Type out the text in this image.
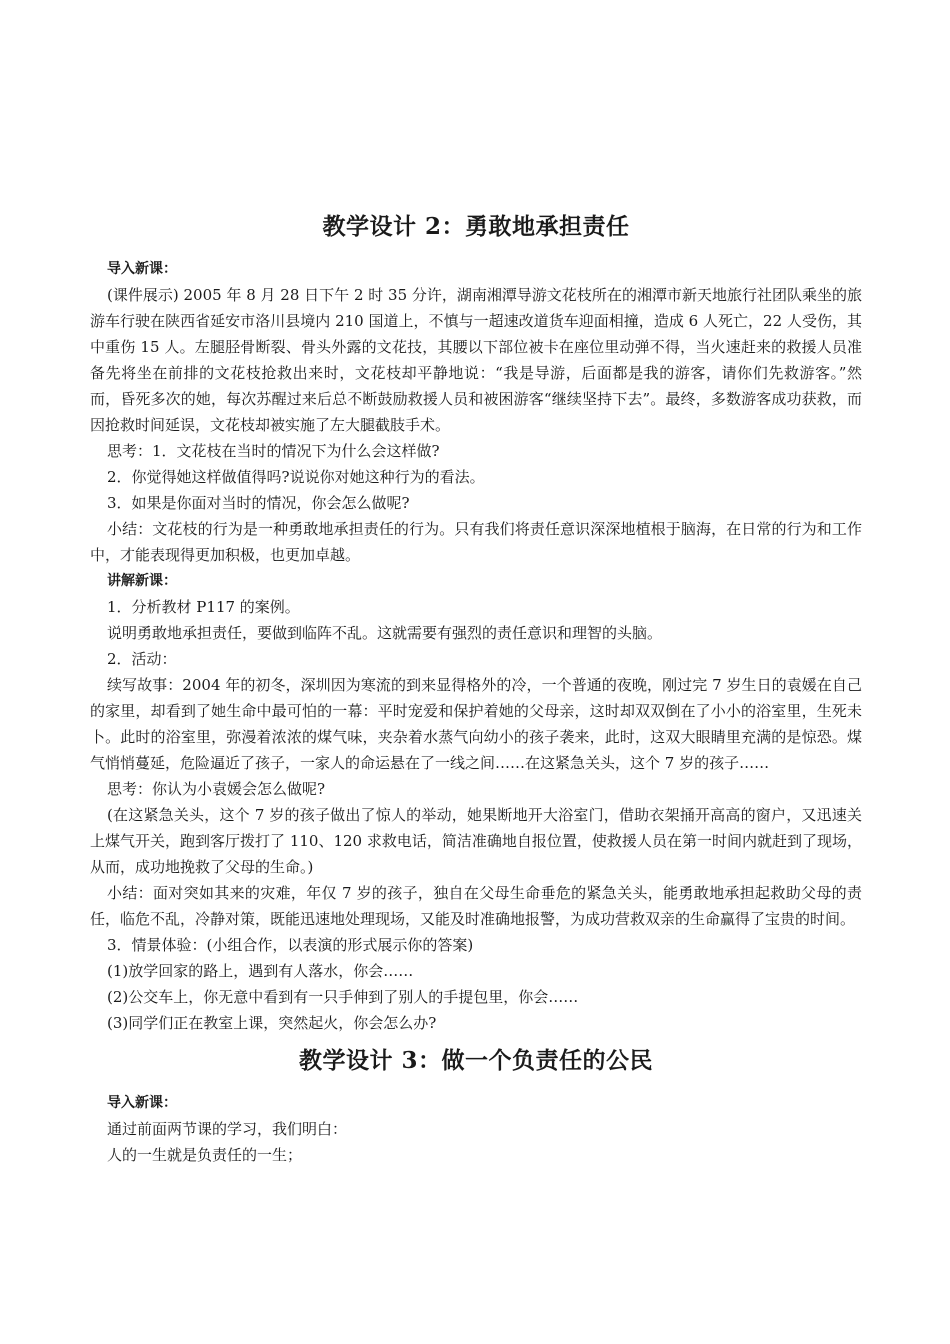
教学设计 2：勇敢地承担责任
导入新课：

(课件展示) 2005 年 8 月 28 日下午 2 时 35 分许，湖南湘潭导游文花枝所在的湘潭市新天地旅行社团队乘坐的旅游车行驶在陕西省延安市洛川县境内 210 国道上，不慎与一超速改道货车迎面相撞，造成 6 人死亡，22 人受伤，其中重伤 15 人。左腿胫骨断裂、骨头外露的文花技，其腰以下部位被卡在座位里动弹不得，当火速赶来的救援人员准备先将坐在前排的文花枝抢救出来时，文花枝却平静地说：“我是导游，后面都是我的游客，请你们先救游客。”然而，昏死多次的她，每次苏醒过来后总不断鼓励救援人员和被困游客“继续坚持下去”。最终，多数游客成功获救，而因抢救时间延误，文花枝却被实施了左大腿截肢手术。

思考：1．文花枝在当时的情况下为什么会这样做?

2．你觉得她这样做值得吗?说说你对她这种行为的看法。

3．如果是你面对当时的情况，你会怎么做呢?

小结：文花枝的行为是一种勇敢地承担责任的行为。只有我们将责任意识深深地植根于脑海，在日常的行为和工作中，才能表现得更加积极，也更加卓越。

讲解新课：

1．分析教材 P117 的案例。

说明勇敢地承担责任，要做到临阵不乱。这就需要有强烈的责任意识和理智的头脑。

2．活动：

续写故事：2004 年的初冬，深圳因为寒流的到来显得格外的冷，一个普通的夜晚，刚过完 7 岁生日的袁媛在自己的家里，却看到了她生命中最可怕的一幕：平时宠爱和保护着她的父母亲，这时却双双倒在了小小的浴室里，生死未卜。此时的浴室里，弥漫着浓浓的煤气味，夹杂着水蒸气向幼小的孩子袭来，此时，这双大眼睛里充满的是惊恐。煤气悄悄蔓延，危险逼近了孩子，一家人的命运悬在了一线之间……在这紧急关头，这个 7 岁的孩子……

思考：你认为小袁媛会怎么做呢?

(在这紧急关头，这个 7 岁的孩子做出了惊人的举动，她果断地开大浴室门，借助衣架捅开高高的窗户，又迅速关上煤气开关，跑到客厅拨打了 110、120 求救电话，简洁准确地自报位置，使救援人员在第一时间内就赶到了现场，从而，成功地挽救了父母的生命。)

小结：面对突如其来的灾难，年仅 7 岁的孩子，独自在父母生命垂危的紧急关头，能勇敢地承担起救助父母的责任，临危不乱，冷静对策，既能迅速地处理现场，又能及时准确地报警，为成功营救双亲的生命赢得了宝贵的时间。

3．情景体验：(小组合作，以表演的形式展示你的答案)

(1)放学回家的路上，遇到有人落水，你会……

(2)公交车上，你无意中看到有一只手伸到了别人的手提包里，你会……

(3)同学们正在教室上课，突然起火，你会怎么办?

教学设计 3：做一个负责任的公民
导入新课：

通过前面两节课的学习，我们明白：

人的一生就是负责任的一生；
